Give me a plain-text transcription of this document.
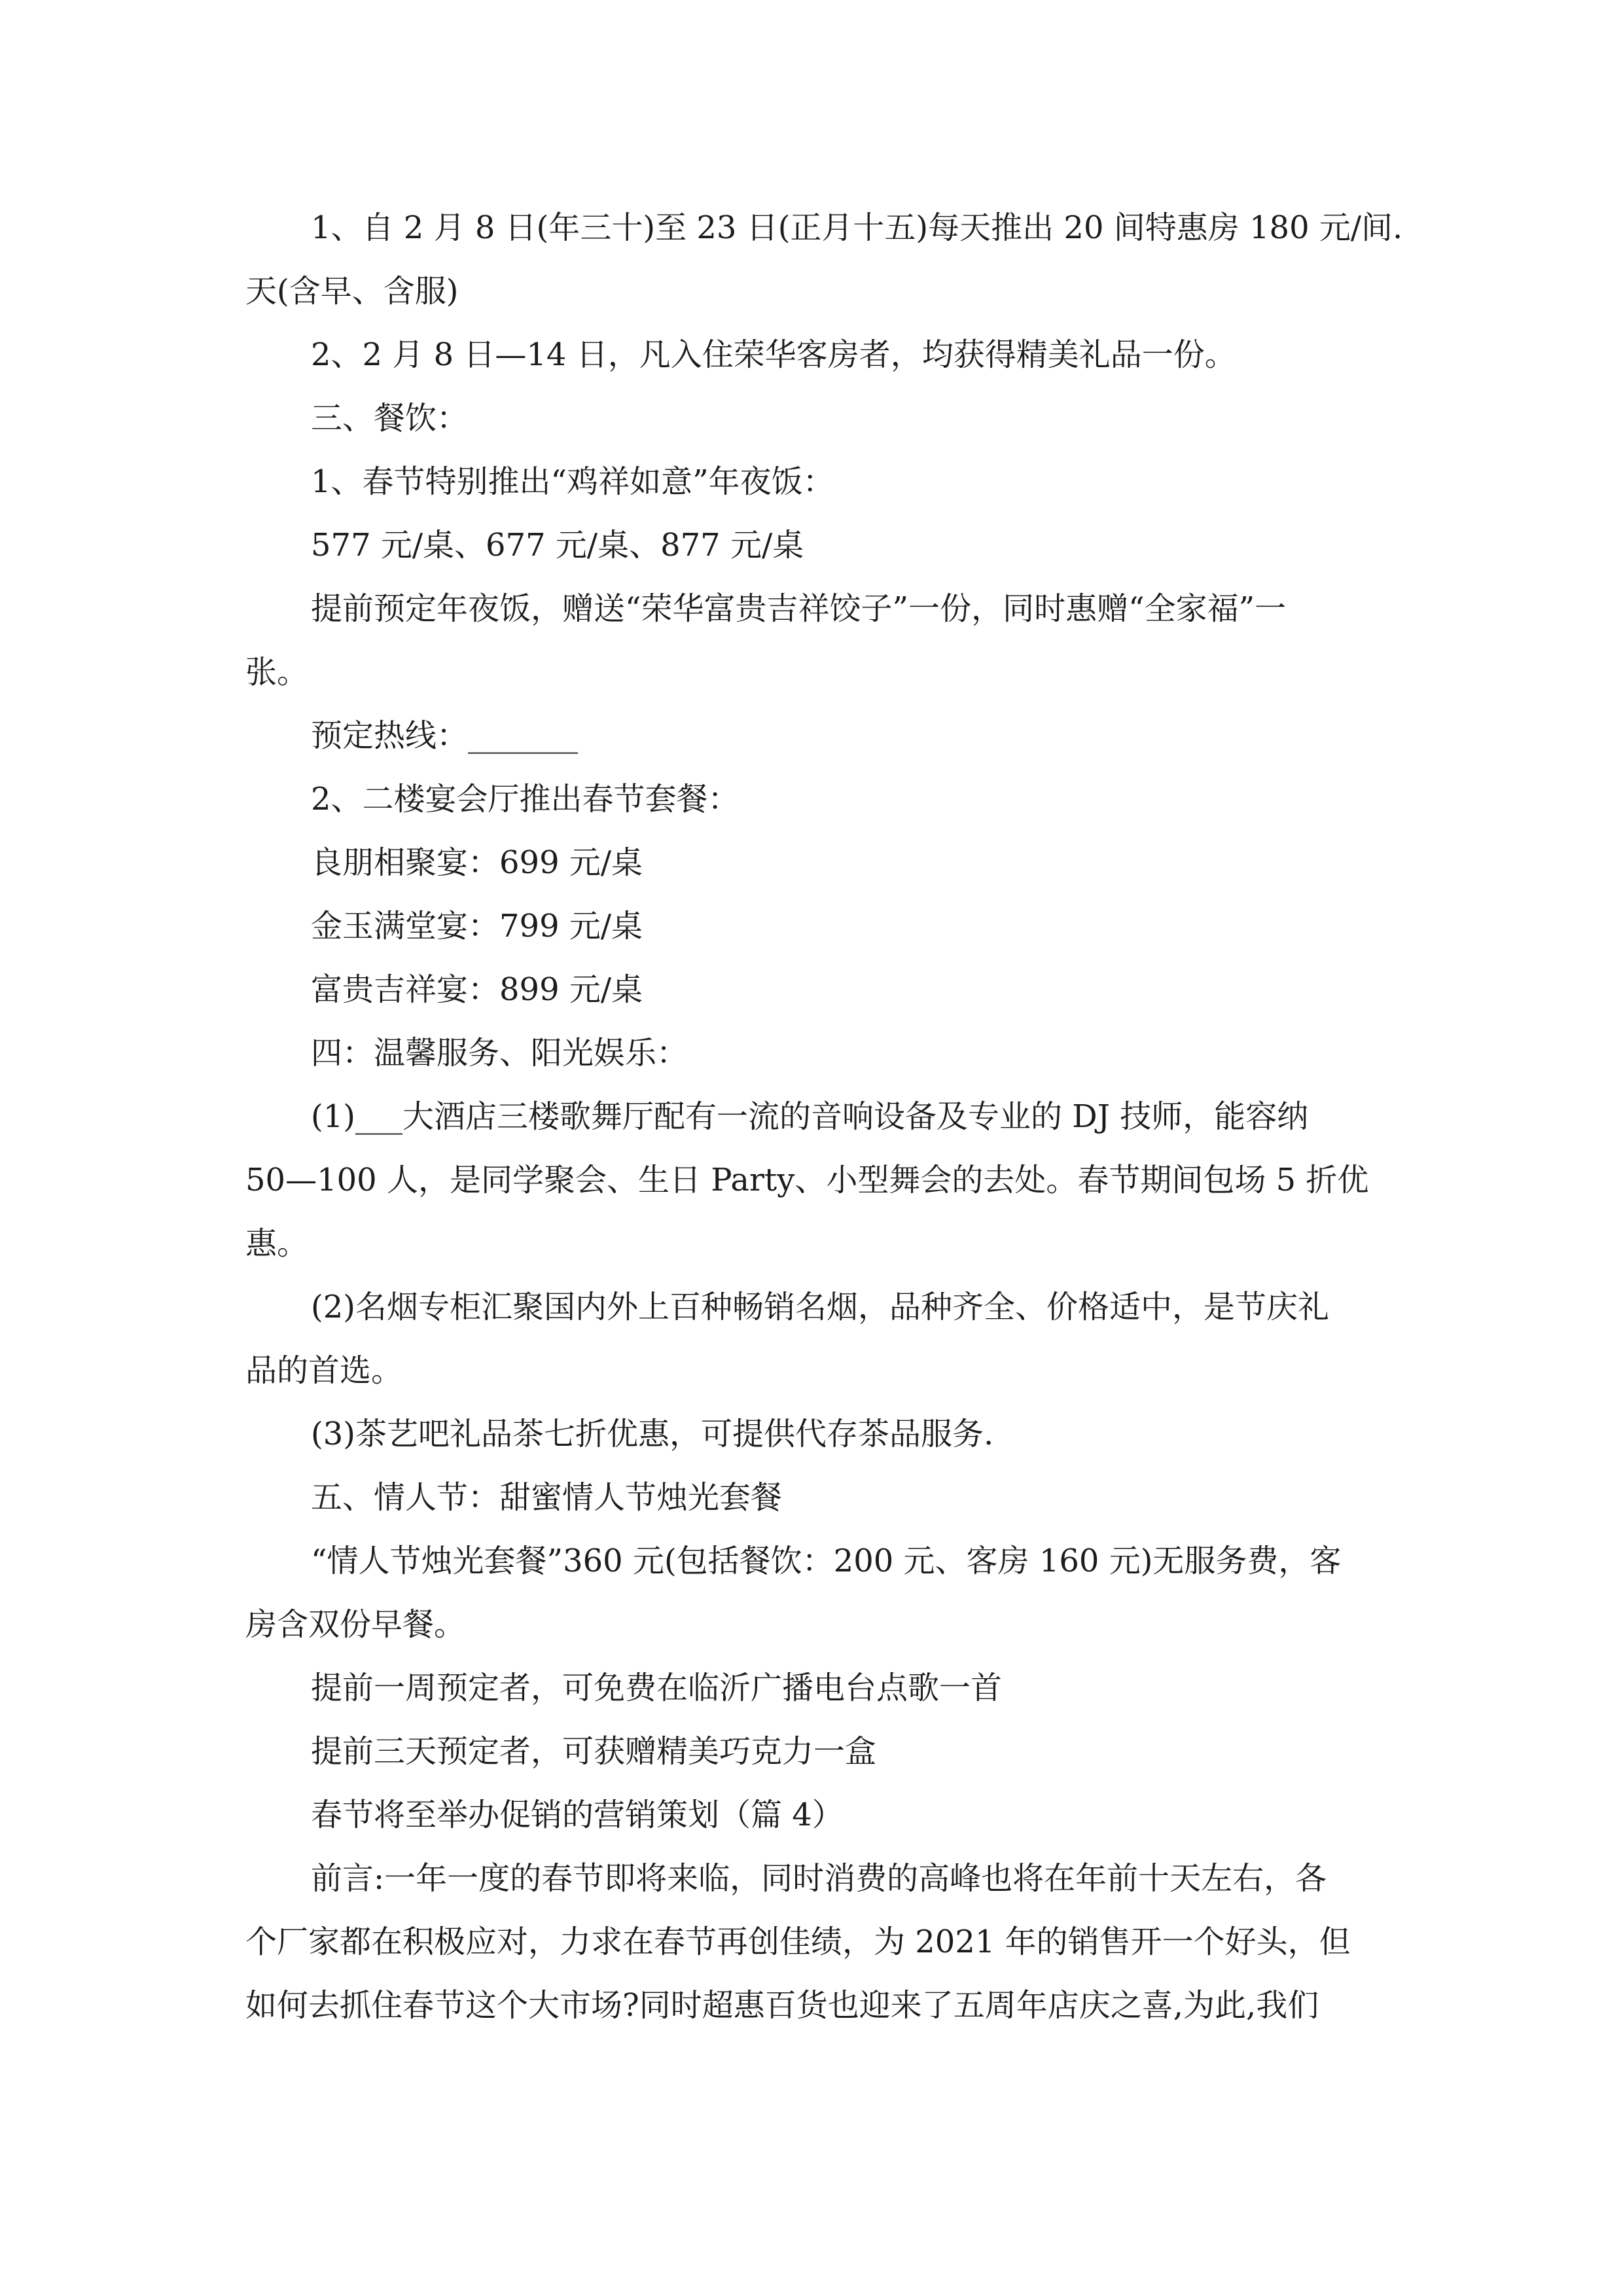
1、自 2 月 8 日(年三十)至 23 日(正月十五)每天推出 20 间特惠房 180 元/间.

天(含早、含服)

2、2 月 8 日—14 日，凡入住荣华客房者，均获得精美礼品一份。

三、餐饮：

1、春节特别推出“鸡祥如意”年夜饭：

577 元/桌、677 元/桌、877 元/桌

提前预定年夜饭，赠送“荣华富贵吉祥饺子”一份，同时惠赠“全家福”一

张。

预定热线：_______

2、二楼宴会厅推出春节套餐：

良朋相聚宴：699 元/桌

金玉满堂宴：799 元/桌

富贵吉祥宴：899 元/桌

四：温馨服务、阳光娱乐：

(1)___大酒店三楼歌舞厅配有一流的音响设备及专业的 DJ 技师，能容纳

50—100 人，是同学聚会、生日 Party、小型舞会的去处。春节期间包场 5 折优

惠。

(2)名烟专柜汇聚国内外上百种畅销名烟，品种齐全、价格适中，是节庆礼

品的首选。

(3)茶艺吧礼品茶七折优惠，可提供代存茶品服务.

五、情人节：甜蜜情人节烛光套餐

“情人节烛光套餐”360 元(包括餐饮：200 元、客房 160 元)无服务费，客

房含双份早餐。

提前一周预定者，可免费在临沂广播电台点歌一首

提前三天预定者，可获赠精美巧克力一盒

春节将至举办促销的营销策划（篇 4）

前言:一年一度的春节即将来临，同时消费的高峰也将在年前十天左右，各

个厂家都在积极应对，力求在春节再创佳绩，为 2021 年的销售开一个好头，但

如何去抓住春节这个大市场?同时超惠百货也迎来了五周年店庆之喜,为此,我们
